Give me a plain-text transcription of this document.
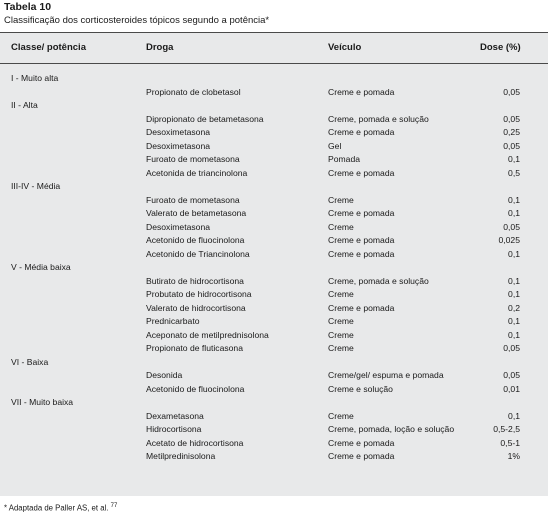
Tabela 10
Classificação dos corticosteroides tópicos segundo a potência*
Classe/ potência	Droga	Veículo	Dose (%)
I - Muito alta
Propionato de clobetasol	Creme e pomada	0,05
II - Alta
Dipropionato de betametasona	Creme, pomada e solução	0,05
Desoximetasona	Creme e pomada	0,25
Desoximetasona	Gel	0,05
Furoato de mometasona	Pomada	0,1
Acetonida de triancinolona	Creme e pomada	0,5
III-IV - Média
Furoato de mometasona	Creme	0,1
Valerato de betametasona	Creme e pomada	0,1
Desoximetasona	Creme	0,05
Acetonido de fluocinolona	Creme e pomada	0,025
Acetonido de Triancinolona	Creme e pomada	0,1
V - Média baixa
Butirato de hidrocortisona	Creme, pomada e solução	0,1
Probutato de hidrocortisona	Creme	0,1
Valerato de hidrocortisona	Creme e pomada	0,2
Prednicarbato	Creme	0,1
Aceponato de metilprednisolona	Creme	0,1
Propionato de fluticasona	Creme	0,05
VI - Baixa
Desonida	Creme/gel/ espuma e pomada	0,05
Acetonido de fluocinolona	Creme e solução	0,01
VII - Muito baixa
Dexametasona	Creme	0,1
Hidrocortisona	Creme, pomada, loção e solução	0,5-2,5
Acetato de hidrocortisona	Creme e pomada	0,5-1
Metilpredinisolona	Creme e pomada	1%
* Adaptada de Paller AS, et al. $^{77}$
